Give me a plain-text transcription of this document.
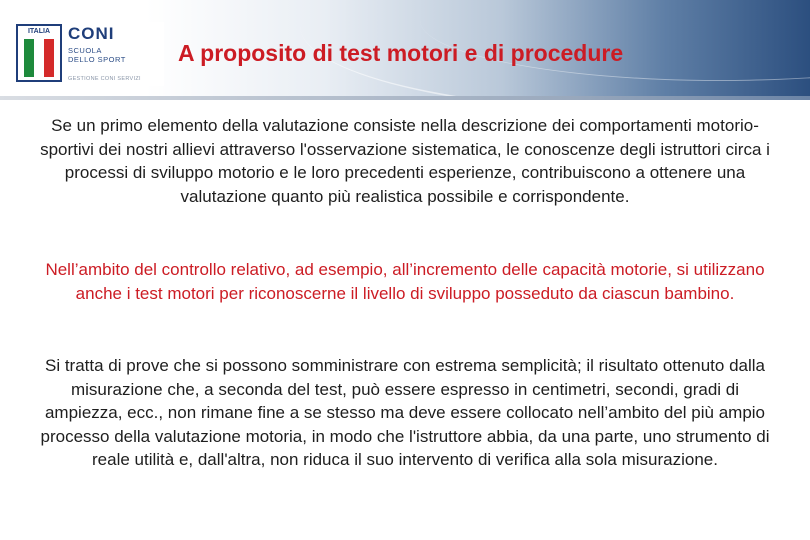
ITALIA	CONI
SCUOLA
DELLO SPORT
GESTIONE CONI SERVIZI
A proposito di test motori e di procedure

Se un primo elemento della valutazione consiste nella descrizione dei comportamenti motorio-sportivi dei nostri allievi attraverso l'osservazione sistematica, le conoscenze degli istruttori circa i processi di sviluppo motorio e le loro precedenti esperienze, contribuiscono a ottenere una valutazione quanto più realistica possibile e corrispondente.

Nell’ambito del controllo relativo, ad esempio, all’incremento delle capacità motorie, si utilizzano anche i test motori per riconoscerne il livello di sviluppo posseduto da ciascun bambino.

Si tratta di prove che si possono somministrare con estrema semplicità; il risultato ottenuto dalla misurazione che, a seconda del test, può essere espresso in centimetri, secondi, gradi di ampiezza, ecc., non rimane fine a se stesso ma deve essere collocato nell’ambito del più ampio processo della valutazione motoria, in modo che l'istruttore abbia, da una parte, uno strumento di reale utilità e, dall'altra, non riduca il suo intervento di verifica alla sola misurazione.
